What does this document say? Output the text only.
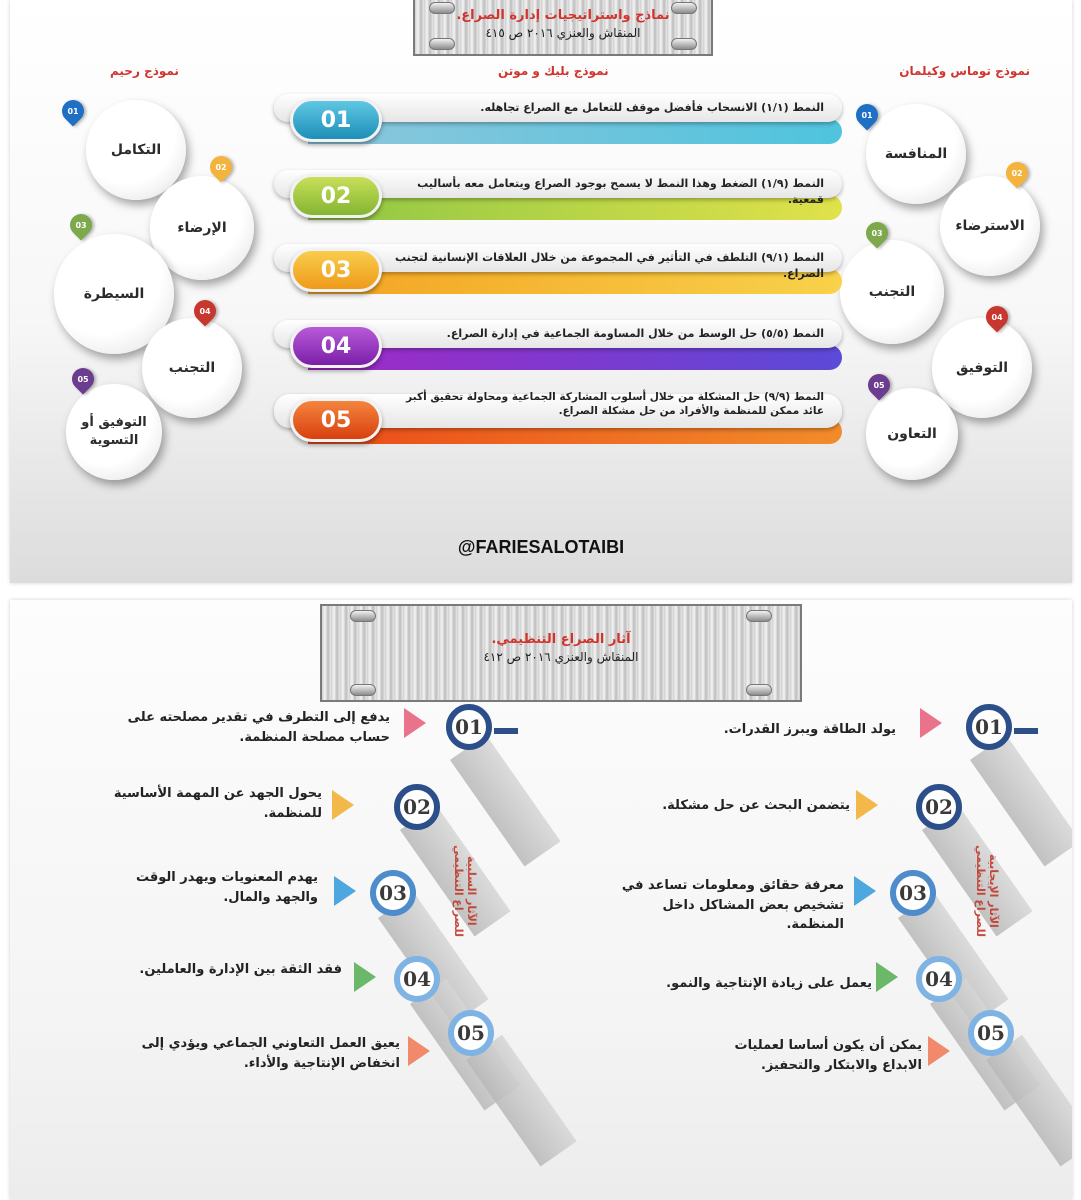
نماذج واستراتيجيات إدارة الصراع.
المنقاش والعنزي ٢٠١٦ ص ٤١٥
نموذج توماس وكيلمان
نموذج بليك و موتن
نموذج رحيم
المنافسة
01
الاسترضاء
02
التجنب
03
التوفيق
04
التعاون
05
01	النمط (١/١) الانسحاب فأفضل موقف للتعامل مع الصراع تجاهله.
02	النمط (١/٩) الضغط وهذا النمط لا يسمح بوجود الصراع ويتعامل معه بأساليب قمعية.
03	النمط (٩/١) التلطف في التأثير في المجموعة من خلال العلاقات الإنسانية لتجنب الصراع.
04	النمط (٥/٥) حل الوسط من خلال المساومة الجماعية في إدارة الصراع.
05
النمط (٩/٩) حل المشكلة من خلال أسلوب المشاركة الجماعية ومحاولة تحقيق أكبر عائد ممكن للمنظمة والأفراد من حل مشكلة الصراع.
التكامل
01
الإرضاء
02
السيطرة
03
التجنب
04
التوفيق أو التسوية
05
@FARIESALOTAIBI
آثار الصراع التنظيمي.
المنقاش والعنزي ٢٠١٦ ص ٤١٢
01
02
03
04
05
الآثار السلبية للصراع التنظيمي
يدفع إلى التطرف في تقدير مصلحته على حساب مصلحة المنظمة.
يحول الجهد عن المهمة الأساسية للمنظمة.
يهدم المعنويات ويهدر الوقت والجهد والمال.
فقد الثقة بين الإدارة والعاملين.
يعيق العمل التعاوني الجماعي ويؤدي إلى انخفاض الإنتاجية والأداء.
01
02
03
04
05
الآثار الإيجابية للصراع التنظيمي
يولد الطاقة ويبرز القدرات.
يتضمن البحث عن حل مشكلة.
معرفة حقائق ومعلومات تساعد في تشخيص بعض المشاكل داخل المنظمة.
يعمل على زيادة الإنتاجية والنمو.
يمكن أن يكون أساسا لعمليات الابداع والابتكار والتحفيز.
